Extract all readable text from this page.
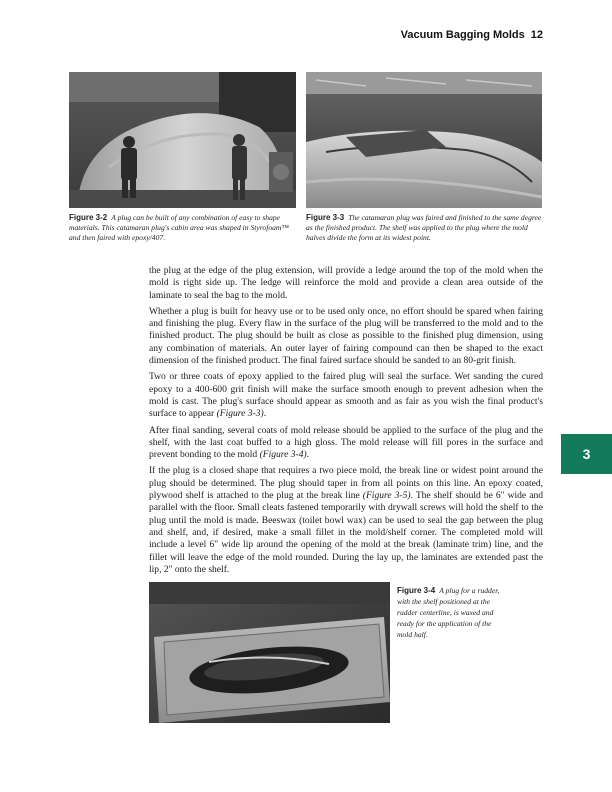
Vacuum Bagging Molds 12
Figure 3-2 A plug can be built of any combination of easy to shape materials. This catamaran plug's cabin area was shaped in Styrofoam™ and then faired with epoxy/407.
Figure 3-3 The catamaran plug was faired and finished to the same degree as the finished product. The shelf was applied to the plug where the mold halves divide the form at its widest point.

the plug at the edge of the plug extension, will provide a ledge around the top of the mold when the mold is right side up. The ledge will reinforce the mold and provide a clean area outside of the laminate to seal the bag to the mold.

Whether a plug is built for heavy use or to be used only once, no effort should be spared when fairing and finishing the plug. Every flaw in the surface of the plug will be transferred to the mold and to the finished product. The plug should be built as close as possible to the finished plug dimension, using any combination of materials. An outer layer of fairing compound can then be shaped to the exact dimension of the finished product. The final faired surface should be sanded to an 80-grit finish.

Two or three coats of epoxy applied to the faired plug will seal the surface. Wet sanding the cured epoxy to a 400-600 grit finish will make the surface smooth enough to prevent adhesion when the mold is cast. The plug's surface should appear as smooth and as fair as you wish the final product's surface to appear (Figure 3-3).

After final sanding, several coats of mold release should be applied to the surface of the plug and the shelf, with the last coat buffed to a high gloss. The mold release will fill pores in the surface and prevent bonding to the mold (Figure 3-4).

If the plug is a closed shape that requires a two piece mold, the break line or widest point around the plug should be determined. The plug should taper in from all points on this line. An epoxy coated, plywood shelf is attached to the plug at the break line (Figure 3-5). The shelf should be 6" wide and parallel with the floor. Small cleats fastened temporarily with drywall screws will hold the shelf to the plug until the mold is made. Beeswax (toilet bowl wax) can be used to seal the gap between the plug and shelf, and, if desired, make a small fillet in the mold/shelf corner. The completed mold will include a level 6" wide lip around the opening of the mold at the break (laminate trim) line, and the fillet will leave the edge of the mold rounded. During the lay up, the laminates are extended past the lip, 2" onto the shelf.

3
Figure 3-4 A plug for a rudder, with the shelf positioned at the rudder centerline, is waxed and ready for the application of the mold half.
